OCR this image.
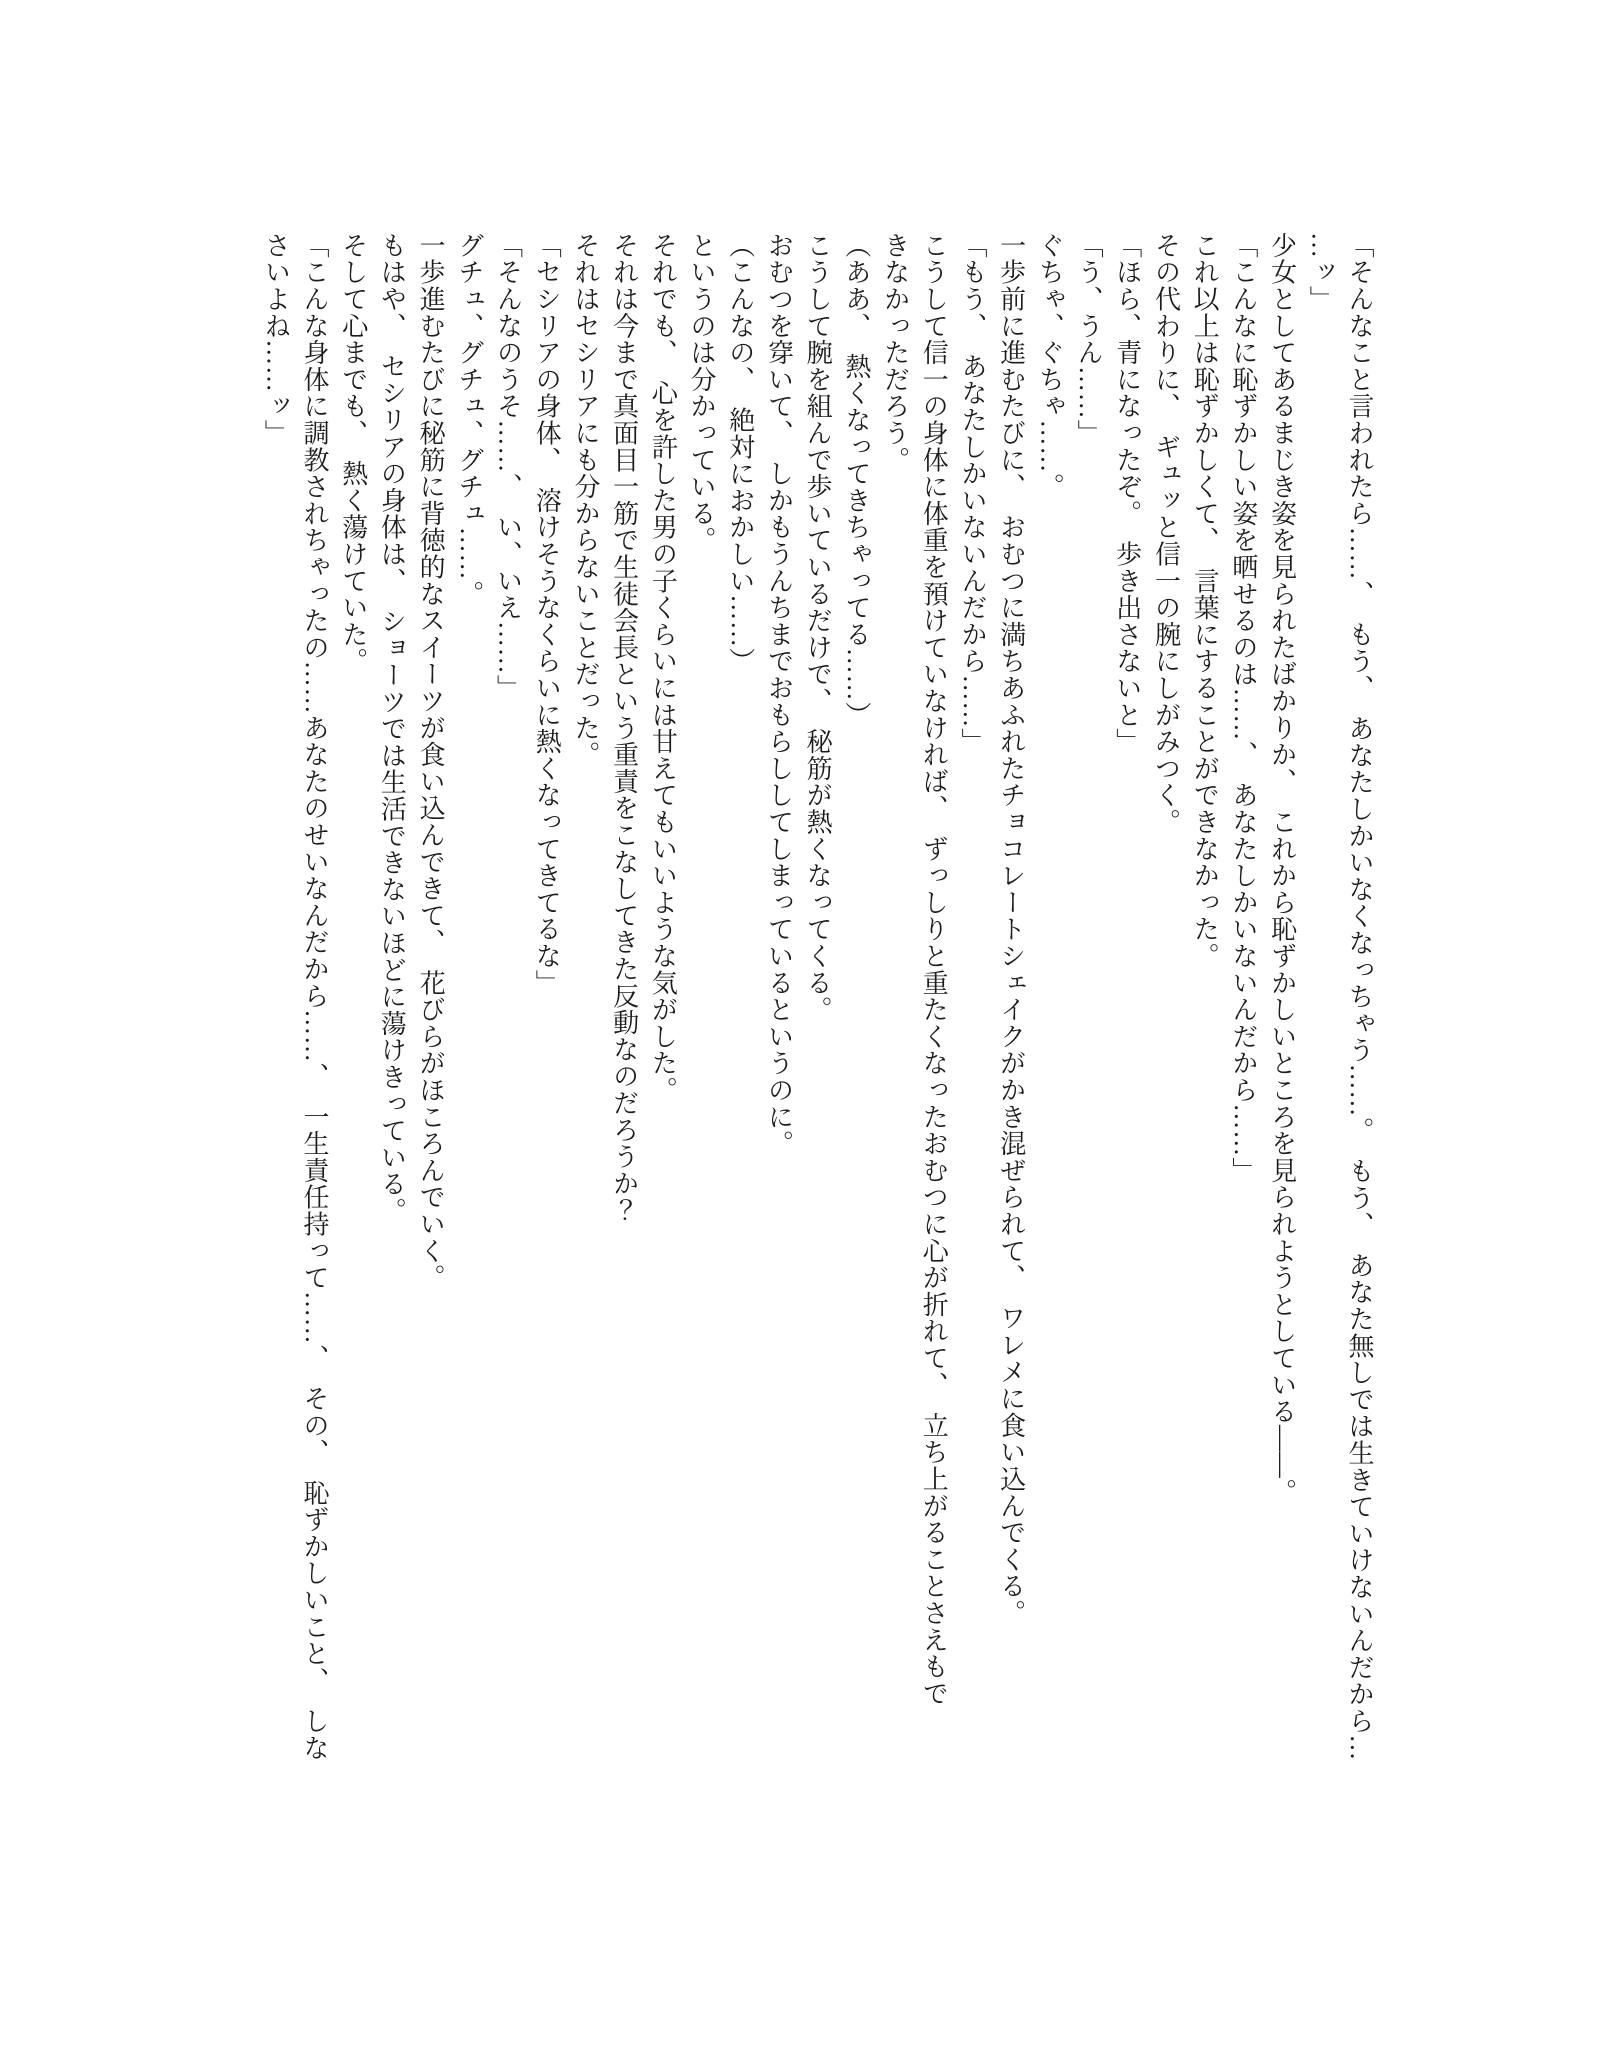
「そんなこと言われたら……、　もう、　あなたしかいなくなっちゃう……。　もう、　あなた無しでは生きていけないんだから…

…ッ」

少女としてあるまじき姿を見られたばかりか、　これから恥ずかしいところを見られようとしている――。

「こんなに恥ずかしい姿を晒せるのは……、　あなたしかいないんだから……」

これ以上は恥ずかしくて、　言葉にすることができなかった。

その代わりに、　ギュッと信一の腕にしがみつく。

「ほら、青になったぞ。　歩き出さないと」

「う、うん……」

ぐちゃ、ぐちゃ……。

一歩前に進むたびに、　おむつに満ちあふれたチョコレートシェイクがかき混ぜられて、　ワレメに食い込んでくる。

「もう、　あなたしかいないんだから……」

こうして信一の身体に体重を預けていなければ、　ずっしりと重たくなったおむつに心が折れて、　立ち上がることさえもで

きなかっただろう。

（ああ、　熱くなってきちゃってる……）

こうして腕を組んで歩いているだけで、　秘筋が熱くなってくる。

おむつを穿いて、　しかもうんちまでおもらししてしまっているというのに。

（こんなの、　絶対におかしい……）

というのは分かっている。

それでも、　心を許した男の子くらいには甘えてもいいような気がした。

それは今まで真面目一筋で生徒会長という重責をこなしてきた反動なのだろうか？

それはセシリアにも分からないことだった。

「セシリアの身体、　溶けそうなくらいに熱くなってきてるな」

「そんなのうそ……、　い、いえ……」

グチュ、グチュ、グチュ……。

一歩進むたびに秘筋に背徳的なスイーツが食い込んできて、　花びらがほころんでいく。

もはや、　セシリアの身体は、　ショーツでは生活できないほどに蕩けきっている。

そして心までも、　熱く蕩けていた。

「こんな身体に調教されちゃったの……あなたのせいなんだから……、　一生責任持って……、　その、　恥ずかしいこと、　しな

さいよね……ッ」
